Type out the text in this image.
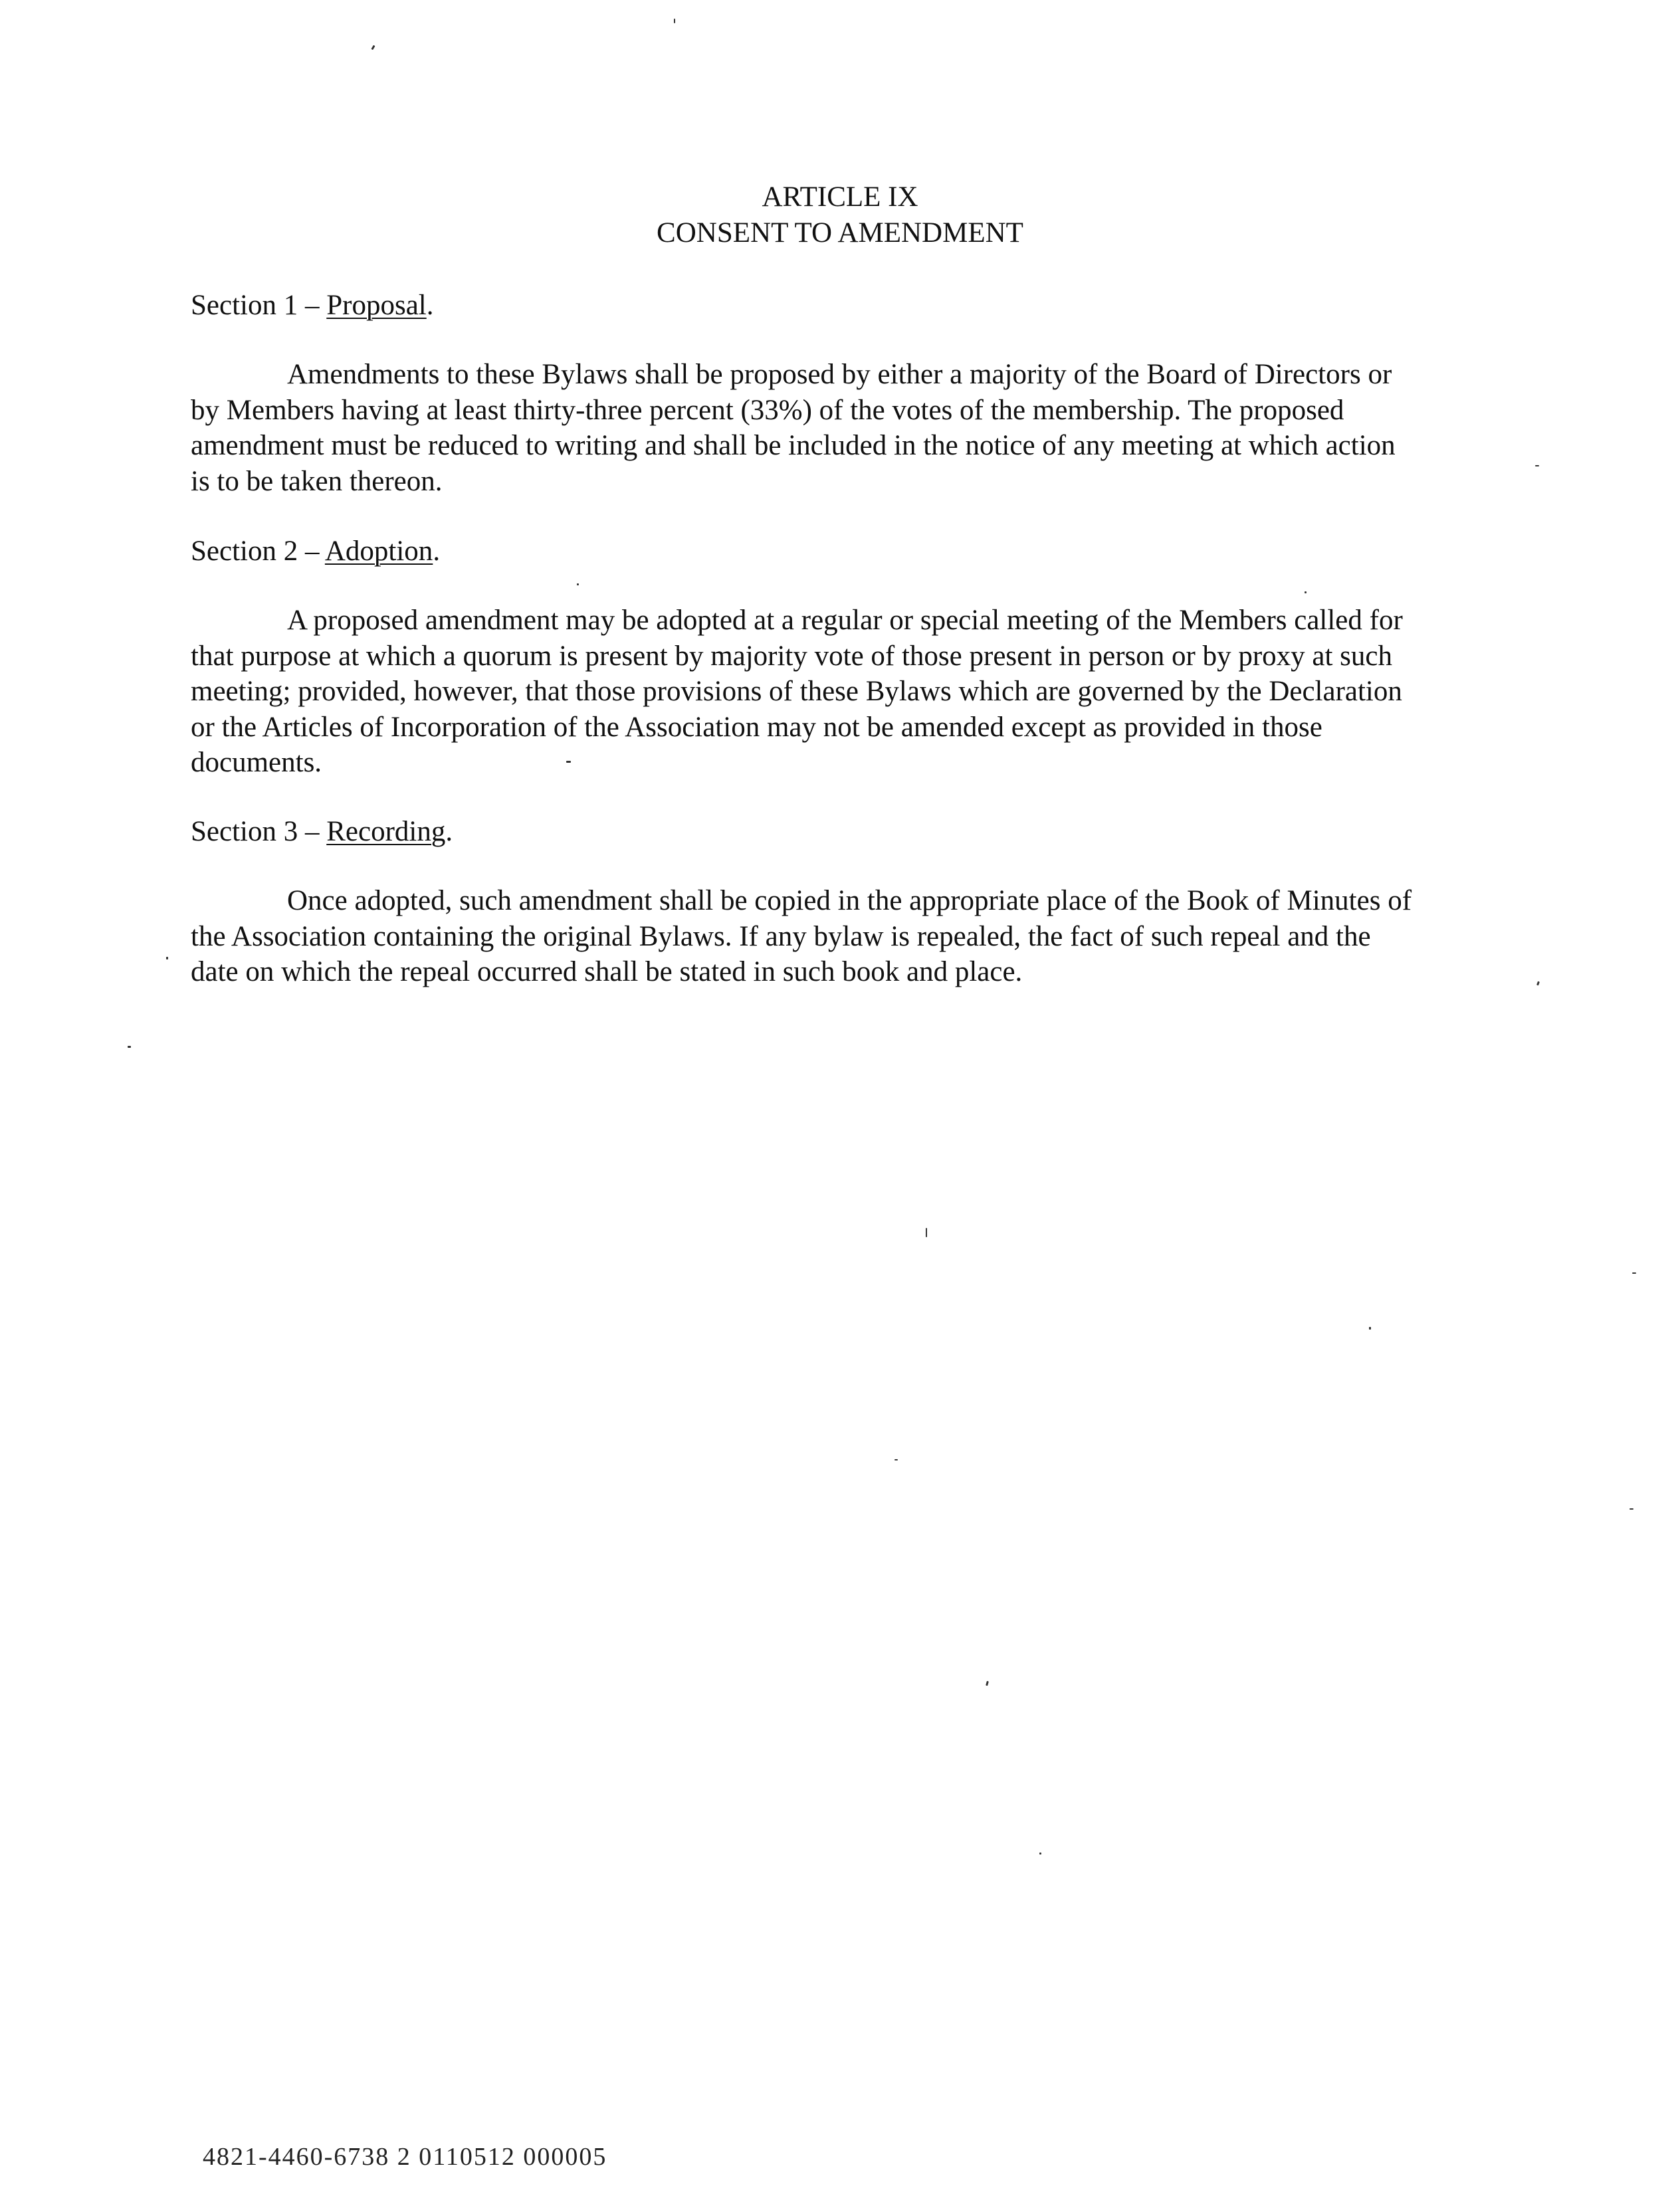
ARTICLE IX
CONSENT TO AMENDMENT
Section 1 – Proposal.
Amendments to these Bylaws shall be proposed by either a majority of the Board of Directors or
by Members having at least thirty-three percent (33%) of the votes of the membership. The proposed
amendment must be reduced to writing and shall be included in the notice of any meeting at which action
is to be taken thereon.
Section 2 – Adoption.
A proposed amendment may be adopted at a regular or special meeting of the Members called for
that purpose at which a quorum is present by majority vote of those present in person or by proxy at such
meeting; provided, however, that those provisions of these Bylaws which are governed by the Declaration
or the Articles of Incorporation of the Association may not be amended except as provided in those
documents.
Section 3 – Recording.
Once adopted, such amendment shall be copied in the appropriate place of the Book of Minutes of
the Association containing the original Bylaws. If any bylaw is repealed, the fact of such repeal and the
date on which the repeal occurred shall be stated in such book and place.
4821-4460-6738 2 0110512 000005
